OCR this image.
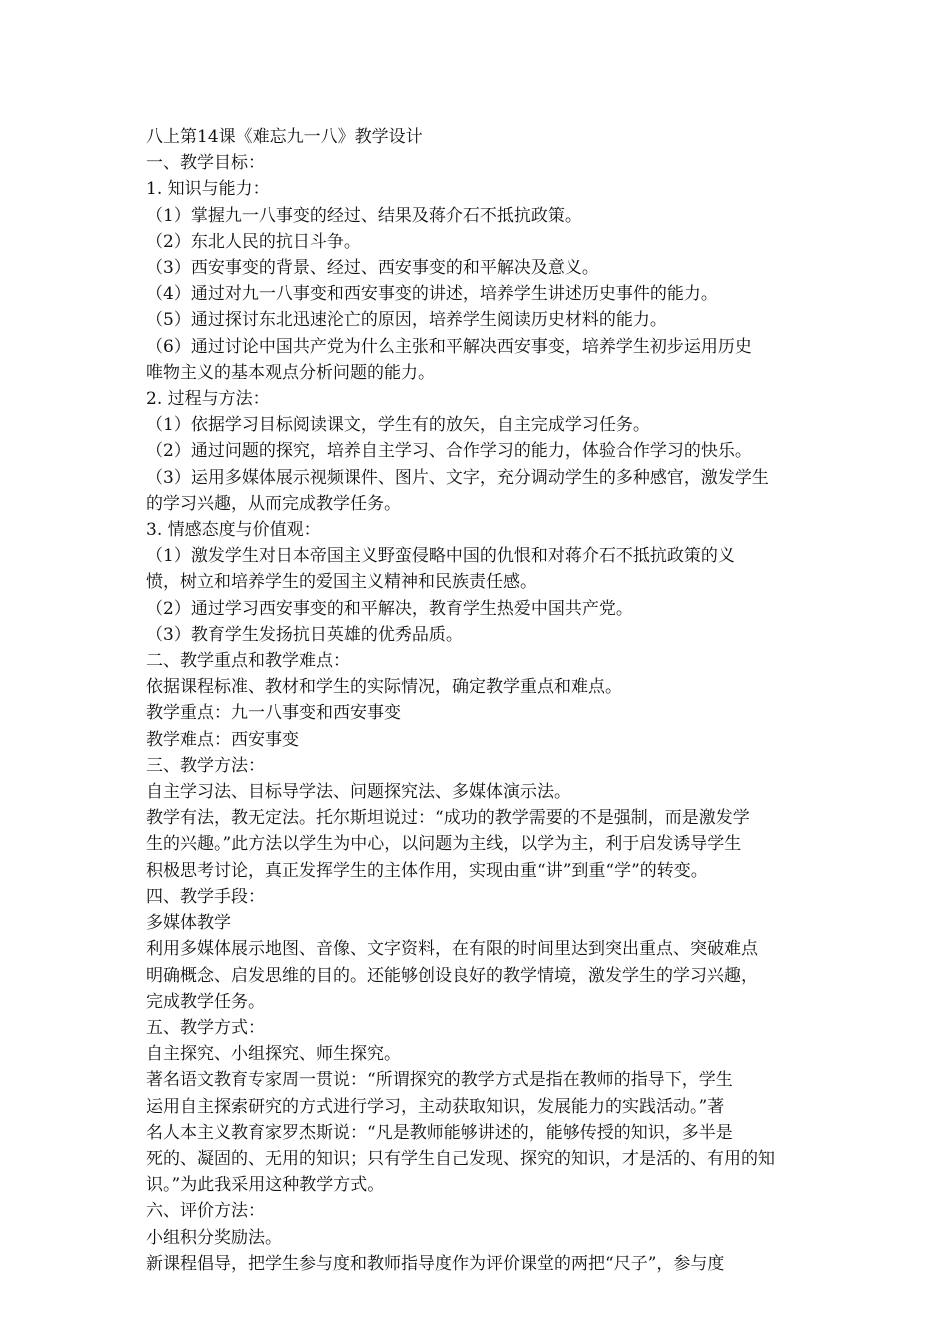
八上第14课《难忘九一八》教学设计
一、教学目标：
1. 知识与能力：
（1）掌握九一八事变的经过、结果及蒋介石不抵抗政策。
（2）东北人民的抗日斗争。
（3）西安事变的背景、经过、西安事变的和平解决及意义。
（4）通过对九一八事变和西安事变的讲述，培养学生讲述历史事件的能力。
（5）通过探讨东北迅速沦亡的原因，培养学生阅读历史材料的能力。
（6）通过讨论中国共产党为什么主张和平解决西安事变，培养学生初步运用历史
唯物主义的基本观点分析问题的能力。
2. 过程与方法：
（1）依据学习目标阅读课文，学生有的放矢，自主完成学习任务。
（2）通过问题的探究，培养自主学习、合作学习的能力，体验合作学习的快乐。
（3）运用多媒体展示视频课件、图片、文字，充分调动学生的多种感官，激发学生
的学习兴趣，从而完成教学任务。
3. 情感态度与价值观：
（1）激发学生对日本帝国主义野蛮侵略中国的仇恨和对蒋介石不抵抗政策的义
愤，树立和培养学生的爱国主义精神和民族责任感。
（2）通过学习西安事变的和平解决，教育学生热爱中国共产党。
（3）教育学生发扬抗日英雄的优秀品质。
二、教学重点和教学难点：
依据课程标准、教材和学生的实际情况，确定教学重点和难点。
教学重点：九一八事变和西安事变
教学难点：西安事变
三、教学方法：
自主学习法、目标导学法、问题探究法、多媒体演示法。
教学有法，教无定法。托尔斯坦说过：“成功的教学需要的不是强制，而是激发学
生的兴趣。”此方法以学生为中心，以问题为主线，以学为主，利于启发诱导学生
积极思考讨论，真正发挥学生的主体作用，实现由重“讲”到重“学”的转变。
四、教学手段：
多媒体教学
利用多媒体展示地图、音像、文字资料，在有限的时间里达到突出重点、突破难点
明确概念、启发思维的目的。还能够创设良好的教学情境，激发学生的学习兴趣，
完成教学任务。
五、教学方式：
自主探究、小组探究、师生探究。
著名语文教育专家周一贯说：“所谓探究的教学方式是指在教师的指导下，学生
运用自主探索研究的方式进行学习，主动获取知识，发展能力的实践活动。”著
名人本主义教育家罗杰斯说：“凡是教师能够讲述的，能够传授的知识，多半是
死的、凝固的、无用的知识；只有学生自己发现、探究的知识，才是活的、有用的知
识。”为此我采用这种教学方式。
六、评价方法：
小组积分奖励法。
新课程倡导，把学生参与度和教师指导度作为评价课堂的两把“尺子”，参与度
